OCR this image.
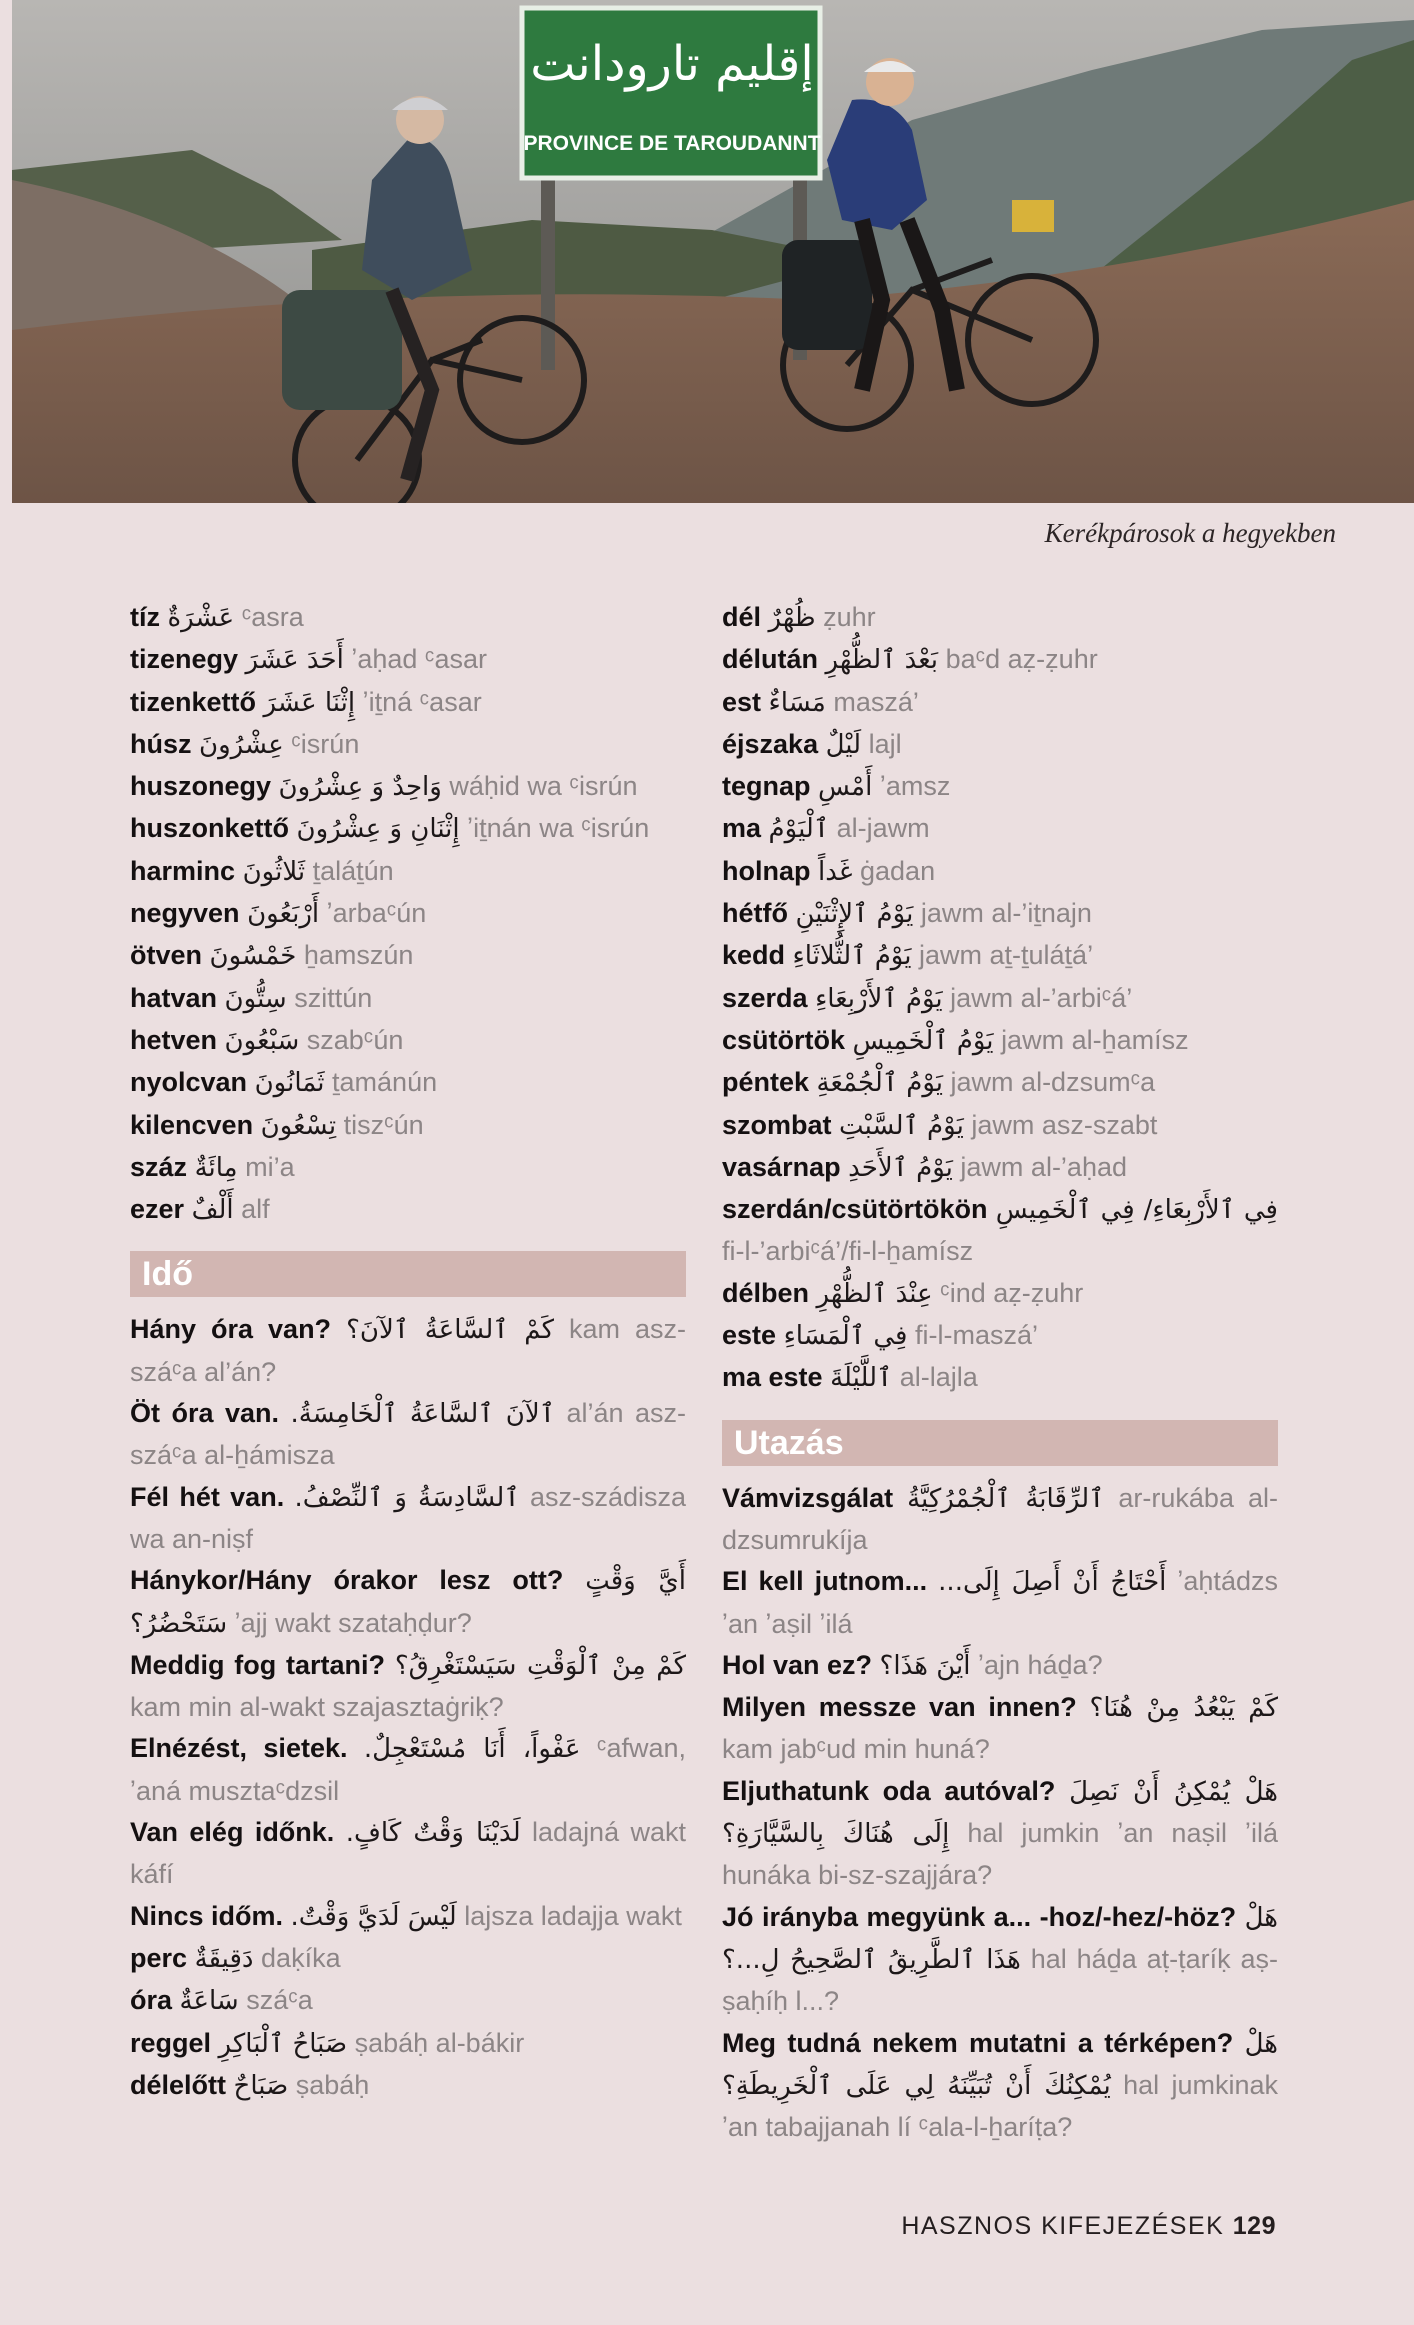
إقليم تارودانت
PROVINCE DE TAROUDANNT
Kerékpárosok a hegyekben
tíz عَشْرَةٌ ᶜasra
tizenegy أَحَدَ عَشَرَ ʼaḥad ᶜasar
tizenkettő إِثْنَا عَشَرَ ʼiṯná ᶜasar
húsz عِشْرُونَ ᶜisrún
huszonegy وَاحِدٌ وَ عِشْرُونَ wáḥid wa ᶜisrún
huszonkettő إِثْنَانِ وَ عِشْرُونَ ʼiṯnán wa ᶜisrún
harminc ثَلاثُونَ ṯaláṯún
negyven أَرْبَعُونَ ʼarbaᶜún
ötven خَمْسُونَ ẖamszún
hatvan سِتُّونَ szittún
hetven سَبْعُونَ szabᶜún
nyolcvan ثَمَانُونَ ṯamánún
kilencven تِسْعُونَ tiszᶜún
száz مِائَةٌ mi’a
ezer أَلْفٌ alf
Idő
Hány óra van? كَمْ ٱلسَّاعَةُ ٱلآنَ؟ kam asz-száᶜa al’án?
Öt óra van. ٱلآنَ ٱلسَّاعَةُ ٱلْخَامِسَةُ. al’án asz-száᶜa al-ẖámisza
Fél hét van. ٱلسَّادِسَةُ وَ ٱلنِّصْفُ. asz-szádisza wa an-niṣf
Hánykor/Hány órakor lesz ott? أَيَّ وَقْتٍ سَتَحْضُرُ؟ ʼajj wakt szataḥḍur?
Meddig fog tartani? كَمْ مِنْ ٱلْوَقْتِ سَيَسْتَغْرِقُ؟ kam min al-wakt szajasztaġriḳ?
Elnézést, sietek. عَفْواً، أَنَا مُسْتَعْجِلٌ. ᶜafwan, ʼaná musztaᶜdzsil
Van elég időnk. لَدَيْنَا وَقْتٌ كَافٍ. ladajná wakt káfí
Nincs időm. لَيْسَ لَدَيَّ وَقْتٌ. lajsza ladajja wakt
perc دَقِيقَةٌ daḳíka
óra سَاعَةٌ száᶜa
reggel صَبَاحُ ٱلْبَاكِرِ ṣabáḥ al-bákir
délelőtt صَبَاحٌ ṣabáḥ
dél ظُهْرٌ ẓuhr
délután بَعْدَ ٱلظُّهْرِ baᶜd aẓ-ẓuhr
est مَسَاءٌ maszá’
éjszaka لَيْلٌ lajl
tegnap أَمْسِ ʼamsz
ma ٱلْيَوْمُ al-jawm
holnap غَداً ġadan
hétfő يَوْمُ ٱلإِثْنَيْنِ jawm al-’iṯnajn
kedd يَوْمُ ٱلثُّلاثَاءِ jawm aṯ-ṯuláṯá’
szerda يَوْمُ ٱلأَرْبِعَاءِ jawm al-’arbiᶜá’
csütörtök يَوْمُ ٱلْخَمِيسِ jawm al-ẖamísz
péntek يَوْمُ ٱلْجُمْعَةِ jawm al-dzsumᶜa
szombat يَوْمُ ٱلسَّبْتِ jawm asz-szabt
vasárnap يَوْمُ ٱلأَحَدِ jawm al-’aḥad
szerdán/csütörtökön فِي ٱلأَرْبِعَاءِ/ فِي ٱلْخَمِيسِ fi-l-’arbiᶜá’/fi-l-ẖamísz
délben عِنْدَ ٱلظُّهْرِ ᶜind aẓ-ẓuhr
este فِي ٱلْمَسَاءِ fi-l-maszá’
ma este ٱللَّيْلَةَ al-lajla
Utazás
Vámvizsgálat ٱلرِّقَابَةُ ٱلْجُمْرُكِيَّةُ ar-rukába al-dzsumrukíja
El kell jutnom... أَحْتَاجُ أَنْ أَصِلَ إِلَى... ʼaḥtádzs ʼan ʼaṣil ʼilá
Hol van ez? أَيْنَ هَذَا؟ ʼajn háḏa?
Milyen messze van innen? كَمْ يَبْعُدُ مِنْ هُنَا؟ kam jabᶜud min huná?
Eljuthatunk oda autóval? هَلْ يُمْكِنُ أَنْ نَصِلَ إِلَى هُنَاكَ بِالسَّيَّارَةِ؟ hal jumkin ʼan naṣil ʼilá hunáka bi-sz-szajjára?
Jó irányba megyünk a... -hoz/-hez/-höz? هَلْ هَذَا ٱلطَّرِيقُ ٱلصَّحِيحُ لِ...؟ hal háḏa aṭ-ṭaríḳ aṣ-ṣaḥíḥ l...?
Meg tudná nekem mutatni a térképen? هَلْ يُمْكِنُكَ أَنْ تُبَيِّنَهُ لِي عَلَى ٱلْخَرِيطَةِ؟ hal jumkinak ʼan tabajjanah lí ᶜala-l-ẖaríṭa?
HASZNOS KIFEJEZÉSEK 129
